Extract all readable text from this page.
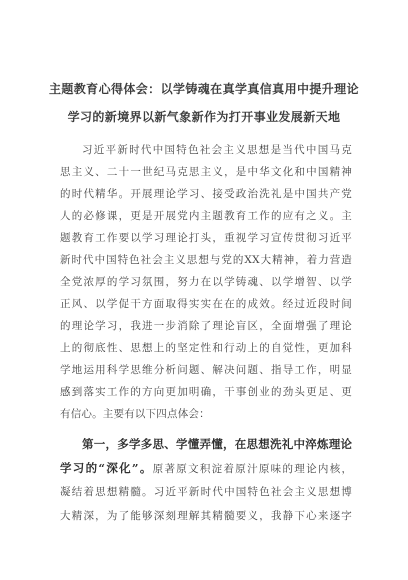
主题教育心得体会：以学铸魂在真学真信真用中提升理论
学习的新境界以新气象新作为打开事业发展新天地
习近平新时代中国特色社会主义思想是当代中国马克
思主义、二十一世纪马克思主义，是中华文化和中国精神
的时代精华。开展理论学习、接受政治洗礼是中国共产党
人的必修课，更是开展党内主题教育工作的应有之义。主
题教育工作要以学习理论打头，重视学习宣传贯彻习近平
新时代中国特色社会主义思想与党的XX大精神，着力营造
全党浓厚的学习氛围，努力在以学铸魂、以学增智、以学
正风、以学促干方面取得实实在在的成效。经过近段时间
的理论学习，我进一步消除了理论盲区，全面增强了理论
上的彻底性、思想上的坚定性和行动上的自觉性，更加科
学地运用科学思维分析问题、解决问题、指导工作，明显
感到落实工作的方向更加明确，干事创业的劲头更足、更
有信心。主要有以下四点体会：
第一，多学多思、学懂弄懂，在思想洗礼中淬炼理论
学习的“深化”。原著原文积淀着原汁原味的理论内核，
凝结着思想精髓。习近平新时代中国特色社会主义思想博
大精深，为了能够深刻理解其精髓要义，我静下心来逐字
